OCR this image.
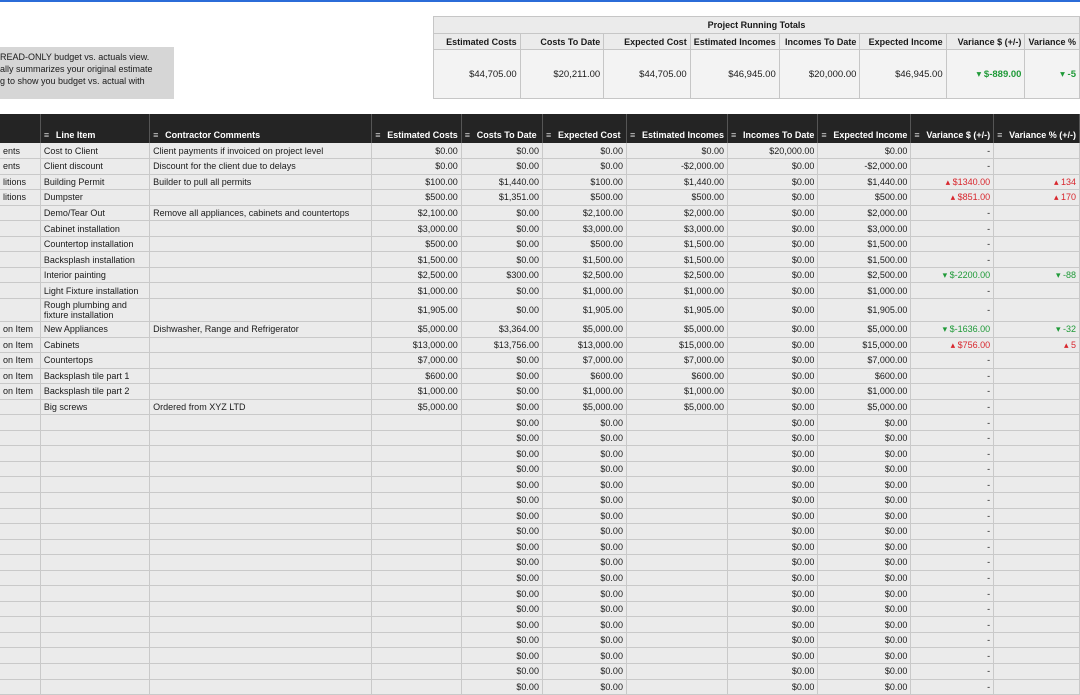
READ-ONLY budget vs. actuals view.
ally summarizes your original estimate
g to show you budget vs. actual with
Project Running Totals							
Estimated Costs	Costs To Date	Expected Cost	Estimated Incomes	Incomes To Date	Expected Income	Variance $ (+/-)	Variance %
$44,705.00	$20,211.00	$44,705.00	$46,945.00	$20,000.00	$46,945.00	▾ $-889.00	▾ -5
	≡ Line Item	≡ Contractor Comments	≡ Estimated Costs	≡ Costs To Date	≡ Expected Cost	≡ Estimated Incomes	≡ Incomes To Date	≡ Expected Income	≡ Variance $ (+/-)	≡ Variance % (+/-)
ents	Cost to Client	Client payments if invoiced on project level	$0.00	$0.00	$0.00	$0.00	$20,000.00	$0.00	-	
ents	Client discount	Discount for the client due to delays	$0.00	$0.00	$0.00	-$2,000.00	$0.00	-$2,000.00	-	
litions	Building Permit	Builder to pull all permits	$100.00	$1,440.00	$100.00	$1,440.00	$0.00	$1,440.00	▴ $1340.00	▴ 134
litions	Dumpster		$500.00	$1,351.00	$500.00	$500.00	$0.00	$500.00	▴ $851.00	▴ 170
	Demo/Tear Out	Remove all appliances, cabinets and countertops	$2,100.00	$0.00	$2,100.00	$2,000.00	$0.00	$2,000.00	-	
	Cabinet installation		$3,000.00	$0.00	$3,000.00	$3,000.00	$0.00	$3,000.00	-	
	Countertop installation		$500.00	$0.00	$500.00	$1,500.00	$0.00	$1,500.00	-	
	Backsplash installation		$1,500.00	$0.00	$1,500.00	$1,500.00	$0.00	$1,500.00	-	
	Interior painting		$2,500.00	$300.00	$2,500.00	$2,500.00	$0.00	$2,500.00	▾ $-2200.00	▾ -88
	Light Fixture installation		$1,000.00	$0.00	$1,000.00	$1,000.00	$0.00	$1,000.00	-	
	Rough plumbing and fixture installation		$1,905.00	$0.00	$1,905.00	$1,905.00	$0.00	$1,905.00	-	
on Item	New Appliances	Dishwasher, Range and Refrigerator	$5,000.00	$3,364.00	$5,000.00	$5,000.00	$0.00	$5,000.00	▾ $-1636.00	▾ -32
on Item	Cabinets		$13,000.00	$13,756.00	$13,000.00	$15,000.00	$0.00	$15,000.00	▴ $756.00	▴ 5
on Item	Countertops		$7,000.00	$0.00	$7,000.00	$7,000.00	$0.00	$7,000.00	-	
on Item	Backsplash tile part 1		$600.00	$0.00	$600.00	$600.00	$0.00	$600.00	-	
on Item	Backsplash tile part 2		$1,000.00	$0.00	$1,000.00	$1,000.00	$0.00	$1,000.00	-	
	Big screws	Ordered from XYZ LTD	$5,000.00	$0.00	$5,000.00	$5,000.00	$0.00	$5,000.00	-	
				$0.00	$0.00		$0.00	$0.00	-	
				$0.00	$0.00		$0.00	$0.00	-	
				$0.00	$0.00		$0.00	$0.00	-	
				$0.00	$0.00		$0.00	$0.00	-	
				$0.00	$0.00		$0.00	$0.00	-	
				$0.00	$0.00		$0.00	$0.00	-	
				$0.00	$0.00		$0.00	$0.00	-	
				$0.00	$0.00		$0.00	$0.00	-	
				$0.00	$0.00		$0.00	$0.00	-	
				$0.00	$0.00		$0.00	$0.00	-	
				$0.00	$0.00		$0.00	$0.00	-	
				$0.00	$0.00		$0.00	$0.00	-	
				$0.00	$0.00		$0.00	$0.00	-	
				$0.00	$0.00		$0.00	$0.00	-	
				$0.00	$0.00		$0.00	$0.00	-	
				$0.00	$0.00		$0.00	$0.00	-	
				$0.00	$0.00		$0.00	$0.00	-	
				$0.00	$0.00		$0.00	$0.00	-	
